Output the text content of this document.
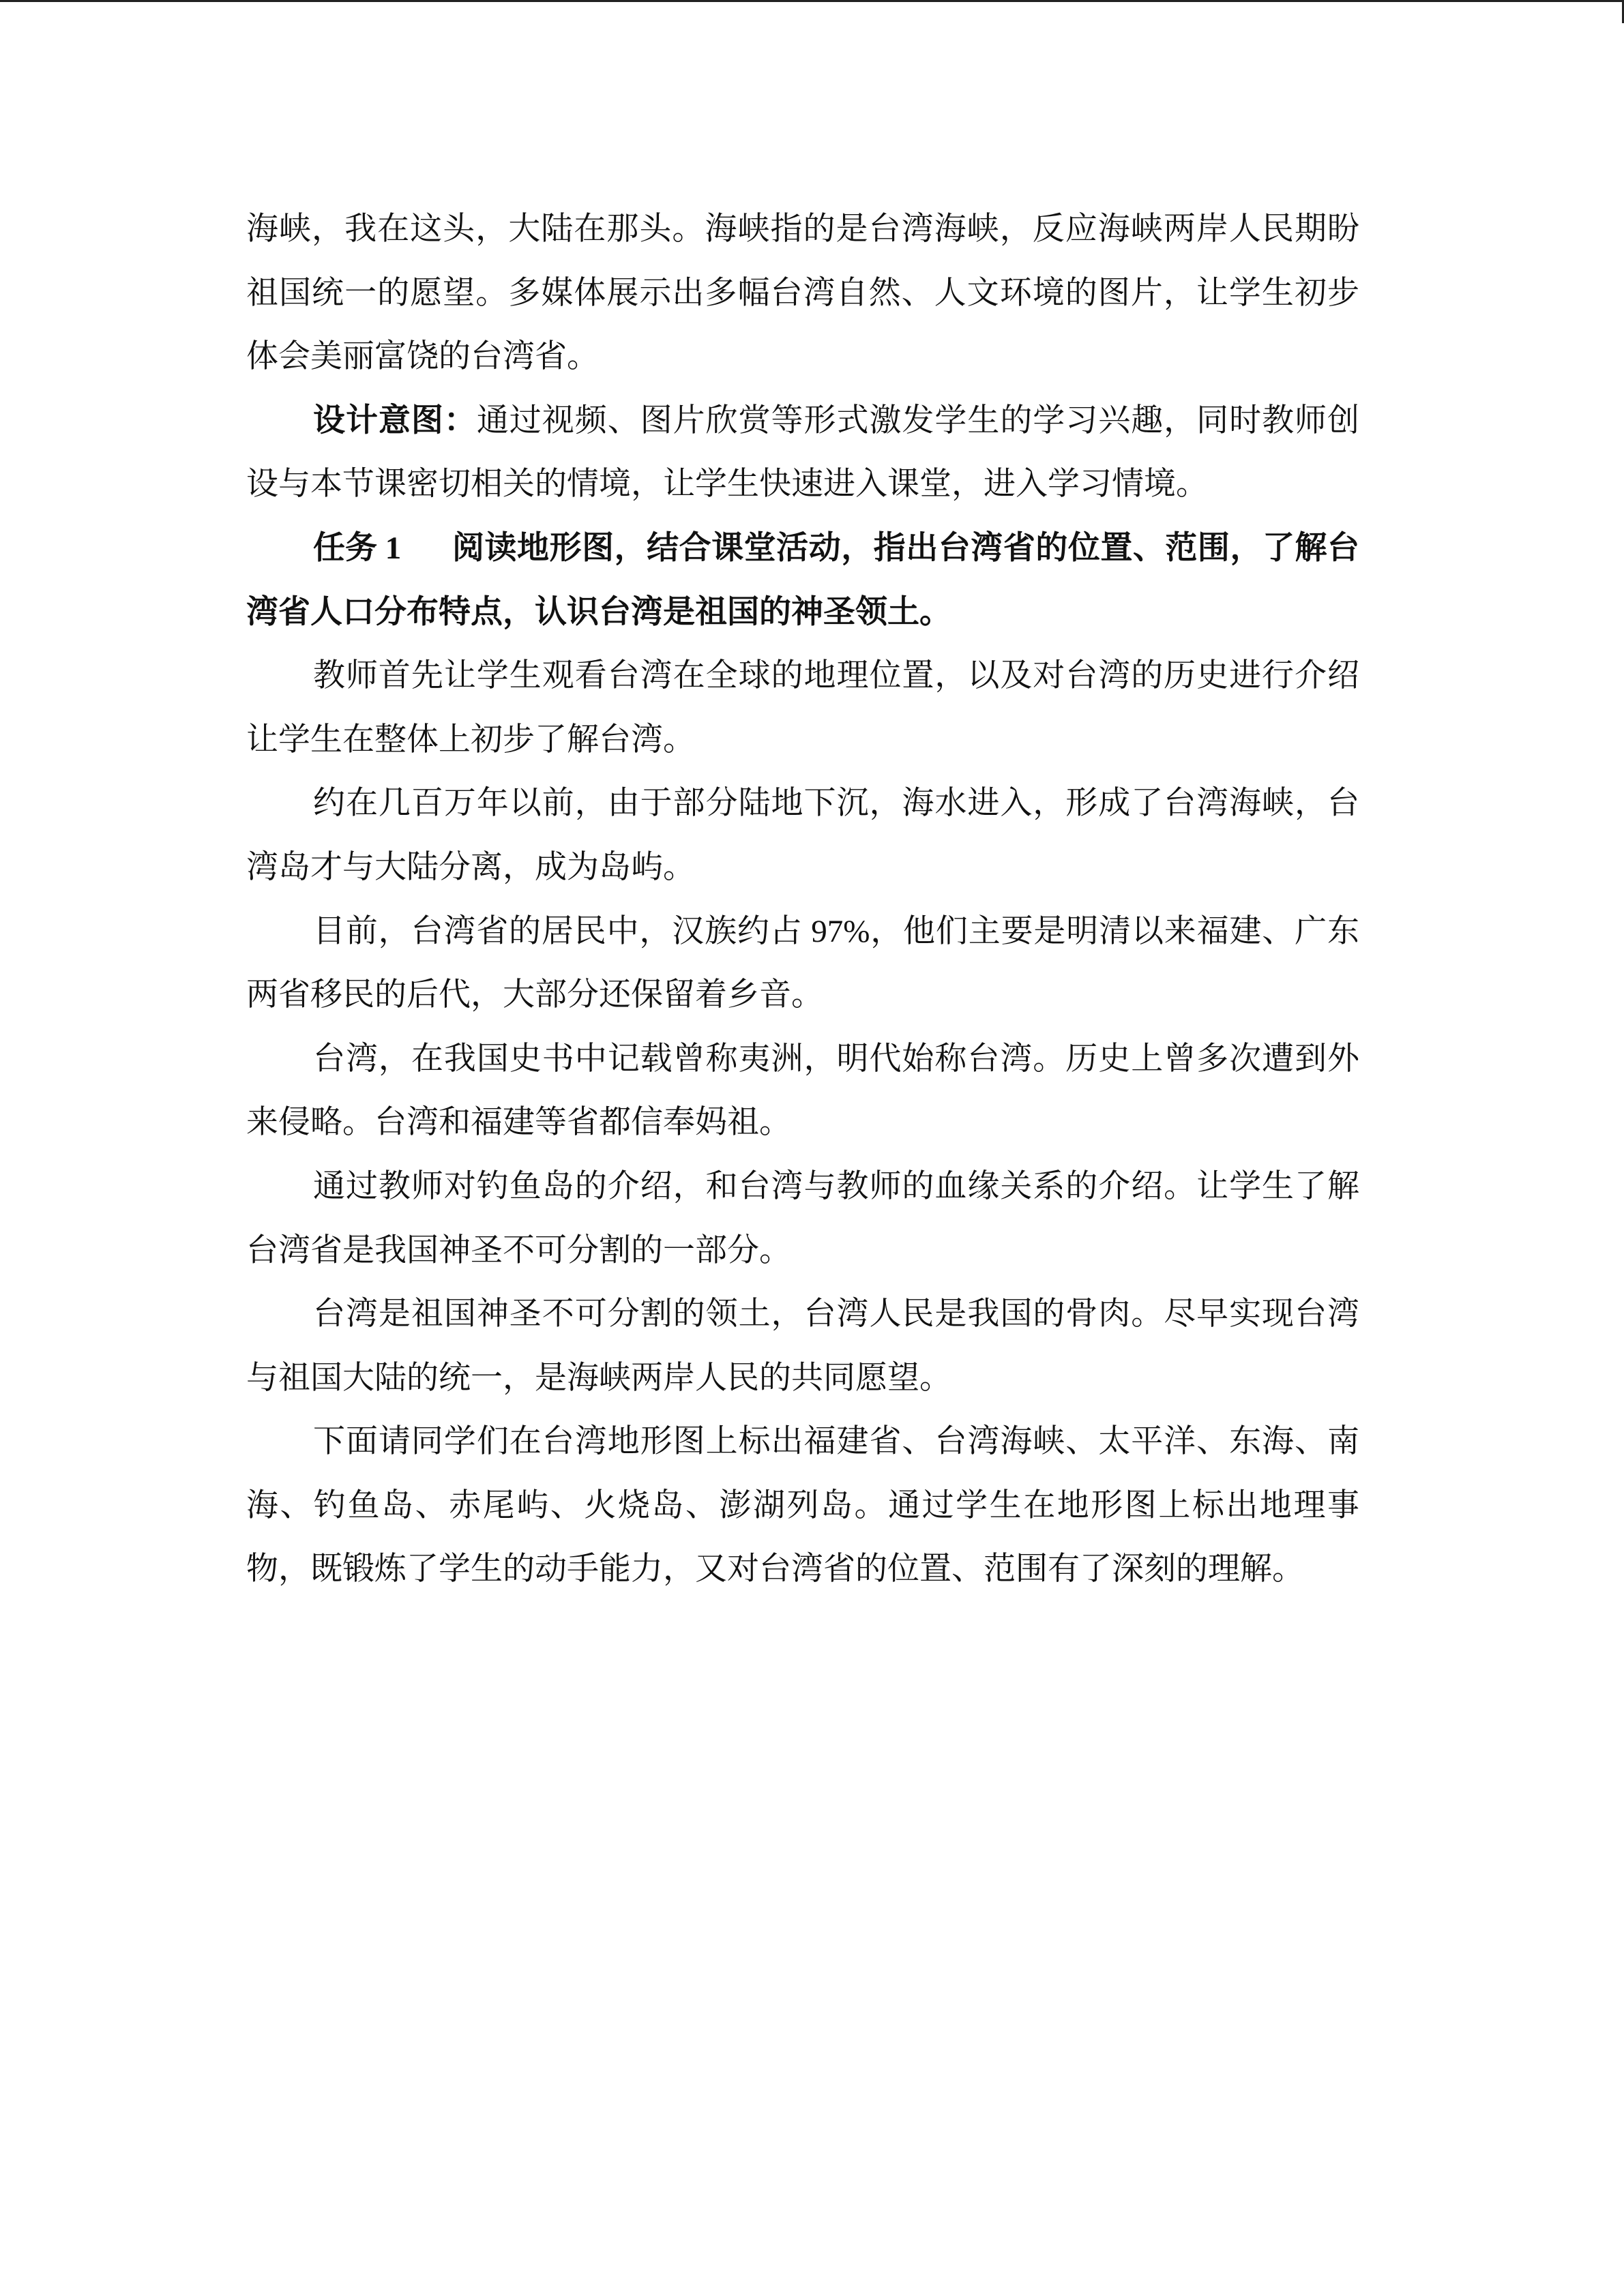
海峡，我在这头，大陆在那头。海峡指的是台湾海峡，反应海峡两岸人民期盼
祖国统一的愿望。多媒体展示出多幅台湾自然、人文环境的图片，让学生初步
体会美丽富饶的台湾省。
设计意图：通过视频、图片欣赏等形式激发学生的学习兴趣，同时教师创
设与本节课密切相关的情境，让学生快速进入课堂，进入学习情境。
任务 1	阅读地形图，结合课堂活动，指出台湾省的位置、范围，了解台
湾省人口分布特点，认识台湾是祖国的神圣领土。
教师首先让学生观看台湾在全球的地理位置，以及对台湾的历史进行介绍
让学生在整体上初步了解台湾。
约在几百万年以前，由于部分陆地下沉，海水进入，形成了台湾海峡，台
湾岛才与大陆分离，成为岛屿。
目前，台湾省的居民中，汉族约占 97%，他们主要是明清以来福建、广东
两省移民的后代，大部分还保留着乡音。
台湾，在我国史书中记载曾称夷洲，明代始称台湾。历史上曾多次遭到外
来侵略。台湾和福建等省都信奉妈祖。
通过教师对钓鱼岛的介绍，和台湾与教师的血缘关系的介绍。让学生了解
台湾省是我国神圣不可分割的一部分。
台湾是祖国神圣不可分割的领土，台湾人民是我国的骨肉。尽早实现台湾
与祖国大陆的统一，是海峡两岸人民的共同愿望。
下面请同学们在台湾地形图上标出福建省、台湾海峡、太平洋、东海、南
海、钓鱼岛、赤尾屿、火烧岛、澎湖列岛。通过学生在地形图上标出地理事
物，既锻炼了学生的动手能力，又对台湾省的位置、范围有了深刻的理解。
